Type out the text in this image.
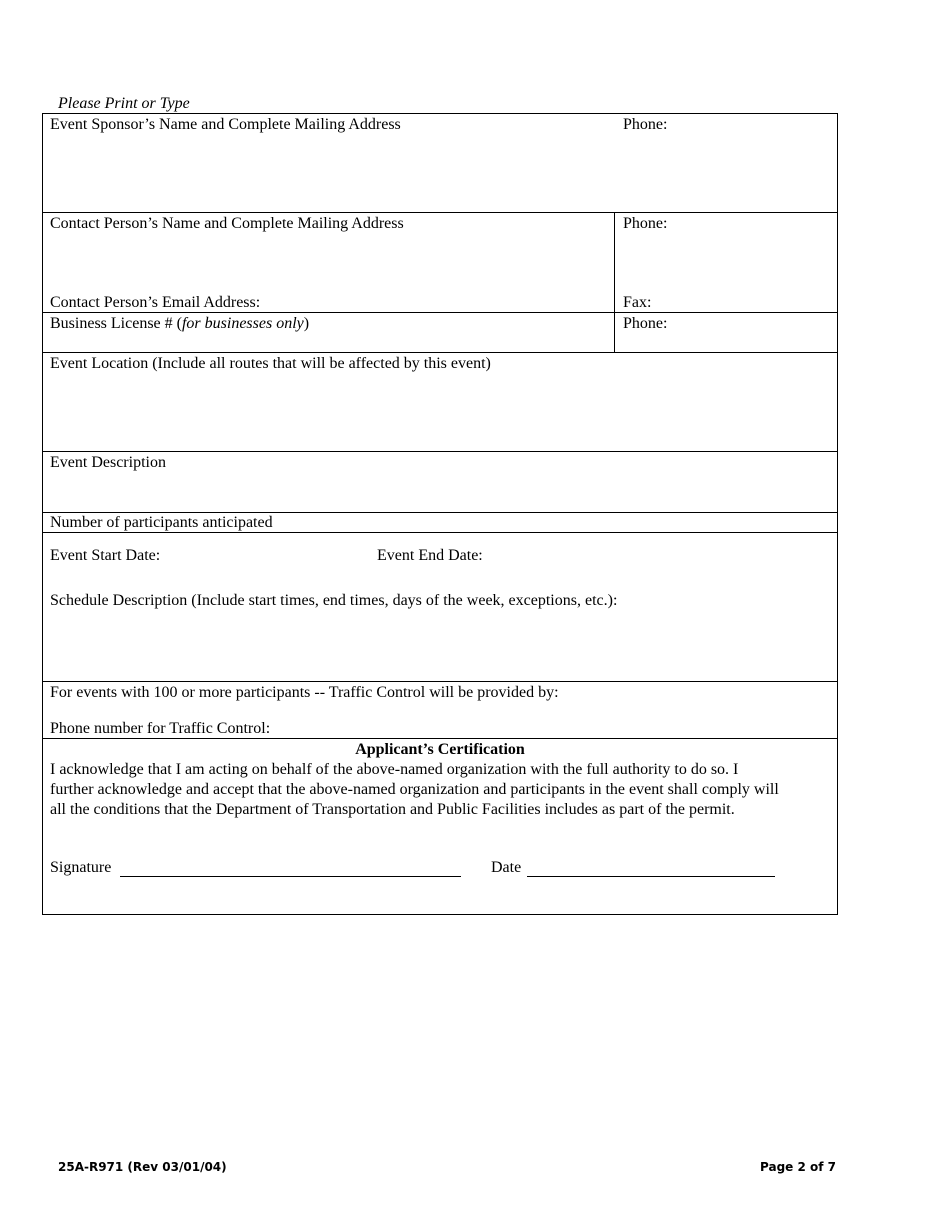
Please Print or Type
Event Sponsor’s Name and Complete Mailing Address	Phone:
Contact Person’s Name and Complete Mailing Address	Phone:
Contact Person’s Email Address:	Fax:
Business License # (for businesses only)	Phone:
Event Location (Include all routes that will be affected by this event)
Event Description
Number of participants anticipated
Event Start Date:	Event End Date:
Schedule Description (Include start times, end times, days of the week, exceptions, etc.):
For events with 100 or more participants -- Traffic Control will be provided by:
Phone number for Traffic Control:
Applicant’s Certification
I acknowledge that I am acting on behalf of the above-named organization with the full authority to do so. I
further acknowledge and accept that the above-named organization and participants in the event shall comply will
all the conditions that the Department of Transportation and Public Facilities includes as part of the permit.
Signature	Date
25A-R971 (Rev 03/01/04)	Page 2 of 7
